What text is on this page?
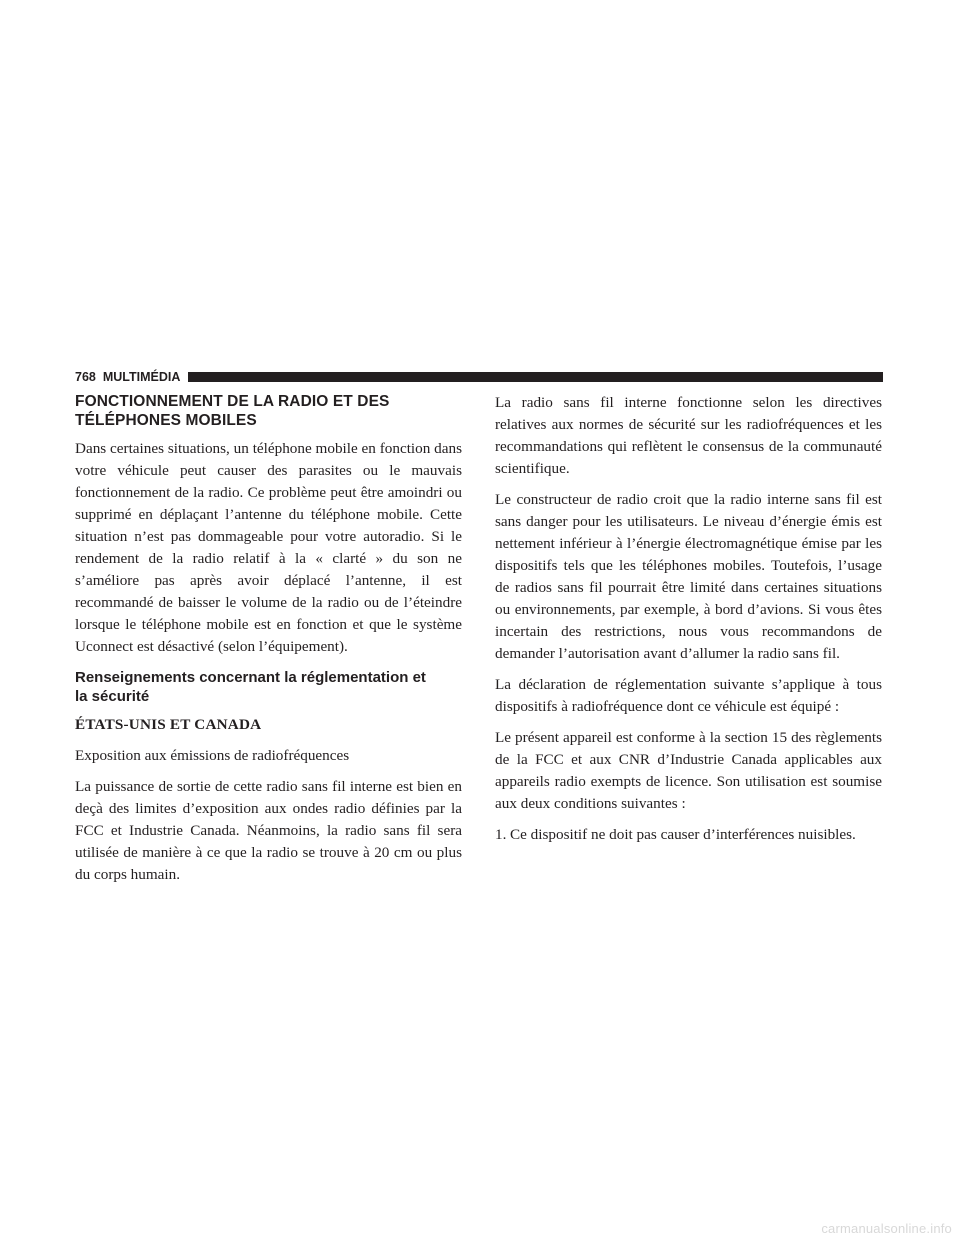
768 MULTIMÉDIA
FONCTIONNEMENT DE LA RADIO ET DES
TÉLÉPHONES MOBILES

Dans certaines situations, un téléphone mobile en fonction dans votre véhicule peut causer des parasites ou le mauvais fonctionnement de la radio. Ce problème peut être amoindri ou supprimé en déplaçant l’antenne du téléphone mobile. Cette situation n’est pas dommageable pour votre autoradio. Si le rendement de la radio relatif à la « clarté » du son ne s’améliore pas après avoir déplacé l’antenne, il est recommandé de baisser le volume de la radio ou de l’éteindre lorsque le téléphone mobile est en fonction et que le système Uconnect est désactivé (selon l’équipement).

Renseignements concernant la réglementation et
la sécurité

ÉTATS-UNIS ET CANADA

Exposition aux émissions de radiofréquences

La puissance de sortie de cette radio sans fil interne est bien en deçà des limites d’exposition aux ondes radio définies par la FCC et Industrie Canada. Néanmoins, la radio sans fil sera utilisée de manière à ce que la radio se trouve à 20 cm ou plus du corps humain.

La radio sans fil interne fonctionne selon les directives relatives aux normes de sécurité sur les radiofréquences et les recommandations qui reflètent le consensus de la communauté scientifique.

Le constructeur de radio croit que la radio interne sans fil est sans danger pour les utilisateurs. Le niveau d’énergie émis est nettement inférieur à l’énergie électromagnétique émise par les dispositifs tels que les téléphones mobiles. Toutefois, l’usage de radios sans fil pourrait être limité dans certaines situations ou environnements, par exemple, à bord d’avions. Si vous êtes incertain des restrictions, nous vous recommandons de demander l’autorisation avant d’allumer la radio sans fil.

La déclaration de réglementation suivante s’applique à tous dispositifs à radiofréquence dont ce véhicule est équipé :

Le présent appareil est conforme à la section 15 des règlements de la FCC et aux CNR d’Industrie Canada applicables aux appareils radio exempts de licence. Son utilisation est soumise aux deux conditions suivantes :

1. Ce dispositif ne doit pas causer d’interférences nuisibles.
carmanualsonline.info
